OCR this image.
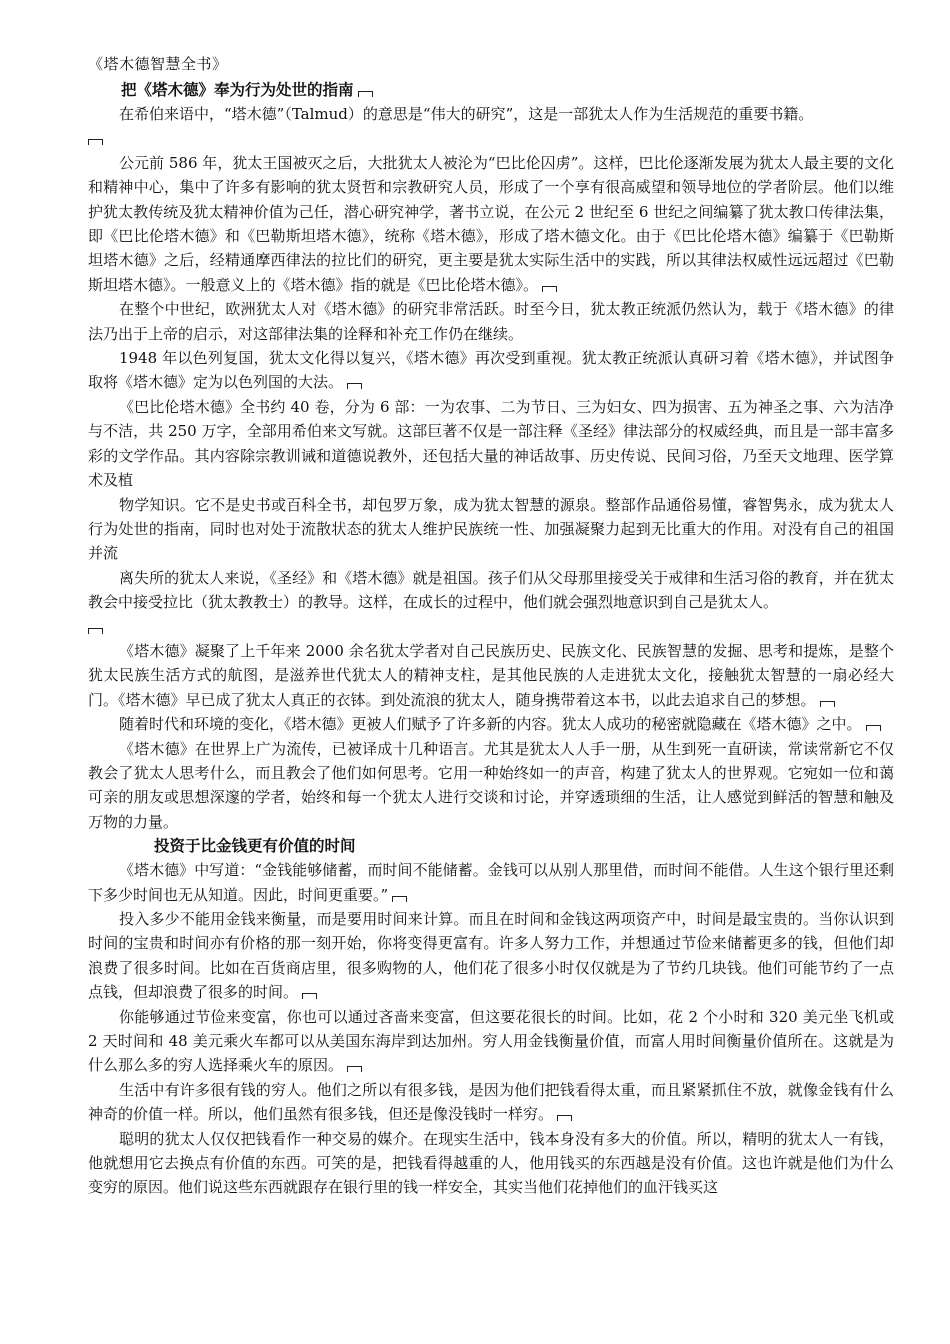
《塔木德智慧全书》

把《塔木德》奉为行为处世的指南

在希伯来语中，“塔木德”（Talmud）的意思是“伟大的研究”，这是一部犹太人作为生活规范的重要书籍。

公元前 586 年，犹太王国被灭之后，大批犹太人被沦为“巴比伦囚虏”。这样，巴比伦逐渐发展为犹太人最主要的文化和精神中心，集中了许多有影响的犹太贤哲和宗教研究人员，形成了一个享有很高威望和领导地位的学者阶层。他们以维护犹太教传统及犹太精神价值为己任，潜心研究神学，著书立说，在公元 2 世纪至 6 世纪之间编纂了犹太教口传律法集，即《巴比伦塔木德》和《巴勒斯坦塔木德》，统称《塔木德》，形成了塔木德文化。由于《巴比伦塔木德》编纂于《巴勒斯坦塔木德》之后，经精通摩西律法的拉比们的研究，更主要是犹太实际生活中的实践，所以其律法权威性远远超过《巴勒斯坦塔木德》。一般意义上的《塔木德》指的就是《巴比伦塔木德》。

在整个中世纪，欧洲犹太人对《塔木德》的研究非常活跃。时至今日，犹太教正统派仍然认为，载于《塔木德》的律法乃出于上帝的启示，对这部律法集的诠释和补充工作仍在继续。

1948 年以色列复国，犹太文化得以复兴，《塔木德》再次受到重视。犹太教正统派认真研习着《塔木德》，并试图争取将《塔木德》定为以色列国的大法。

《巴比伦塔木德》全书约 40 卷，分为 6 部：一为农事、二为节日、三为妇女、四为损害、五为神圣之事、六为洁净与不洁，共 250 万字，全部用希伯来文写就。这部巨著不仅是一部注释《圣经》律法部分的权威经典，而且是一部丰富多彩的文学作品。其内容除宗教训诫和道德说教外，还包括大量的神话故事、历史传说、民间习俗，乃至天文地理、医学算术及植

物学知识。它不是史书或百科全书，却包罗万象，成为犹太智慧的源泉。整部作品通俗易懂，睿智隽永，成为犹太人行为处世的指南，同时也对处于流散状态的犹太人维护民族统一性、加强凝聚力起到无比重大的作用。对没有自己的祖国并流

离失所的犹太人来说，《圣经》和《塔木德》就是祖国。孩子们从父母那里接受关于戒律和生活习俗的教育，并在犹太教会中接受拉比（犹太教教士）的教导。这样，在成长的过程中，他们就会强烈地意识到自己是犹太人。

《塔木德》凝聚了上千年来 2000 余名犹太学者对自己民族历史、民族文化、民族智慧的发掘、思考和提炼，是整个犹太民族生活方式的航图，是滋养世代犹太人的精神支柱，是其他民族的人走进犹太文化，接触犹太智慧的一扇必经大门。《塔木德》早已成了犹太人真正的衣钵。到处流浪的犹太人，随身携带着这本书，以此去追求自己的梦想。

随着时代和环境的变化，《塔木德》更被人们赋予了许多新的内容。犹太人成功的秘密就隐藏在《塔木德》之中。

《塔木德》在世界上广为流传，已被译成十几种语言。尤其是犹太人人手一册，从生到死一直研读，常读常新它不仅教会了犹太人思考什么，而且教会了他们如何思考。它用一种始终如一的声音，构建了犹太人的世界观。它宛如一位和蔼可亲的朋友或思想深邃的学者，始终和每一个犹太人进行交谈和讨论，并穿透琐细的生活，让人感觉到鲜活的智慧和触及万物的力量。

投资于比金钱更有价值的时间

《塔木德》中写道：“金钱能够储蓄，而时间不能储蓄。金钱可以从别人那里借，而时间不能借。人生这个银行里还剩下多少时间也无从知道。因此，时间更重要。”

投入多少不能用金钱来衡量，而是要用时间来计算。而且在时间和金钱这两项资产中，时间是最宝贵的。当你认识到时间的宝贵和时间亦有价格的那一刻开始，你将变得更富有。许多人努力工作，并想通过节俭来储蓄更多的钱，但他们却浪费了很多时间。比如在百货商店里，很多购物的人，他们花了很多小时仅仅就是为了节约几块钱。他们可能节约了一点点钱，但却浪费了很多的时间。

你能够通过节俭来变富，你也可以通过吝啬来变富，但这要花很长的时间。比如，花 2 个小时和 320 美元坐飞机或 2 天时间和 48 美元乘火车都可以从美国东海岸到达加州。穷人用金钱衡量价值，而富人用时间衡量价值所在。这就是为什么那么多的穷人选择乘火车的原因。

生活中有许多很有钱的穷人。他们之所以有很多钱，是因为他们把钱看得太重，而且紧紧抓住不放，就像金钱有什么神奇的价值一样。所以，他们虽然有很多钱，但还是像没钱时一样穷。

聪明的犹太人仅仅把钱看作一种交易的媒介。在现实生活中，钱本身没有多大的价值。所以，精明的犹太人一有钱，他就想用它去换点有价值的东西。可笑的是，把钱看得越重的人，他用钱买的东西越是没有价值。这也许就是他们为什么变穷的原因。他们说这些东西就跟存在银行里的钱一样安全，其实当他们花掉他们的血汗钱买这
